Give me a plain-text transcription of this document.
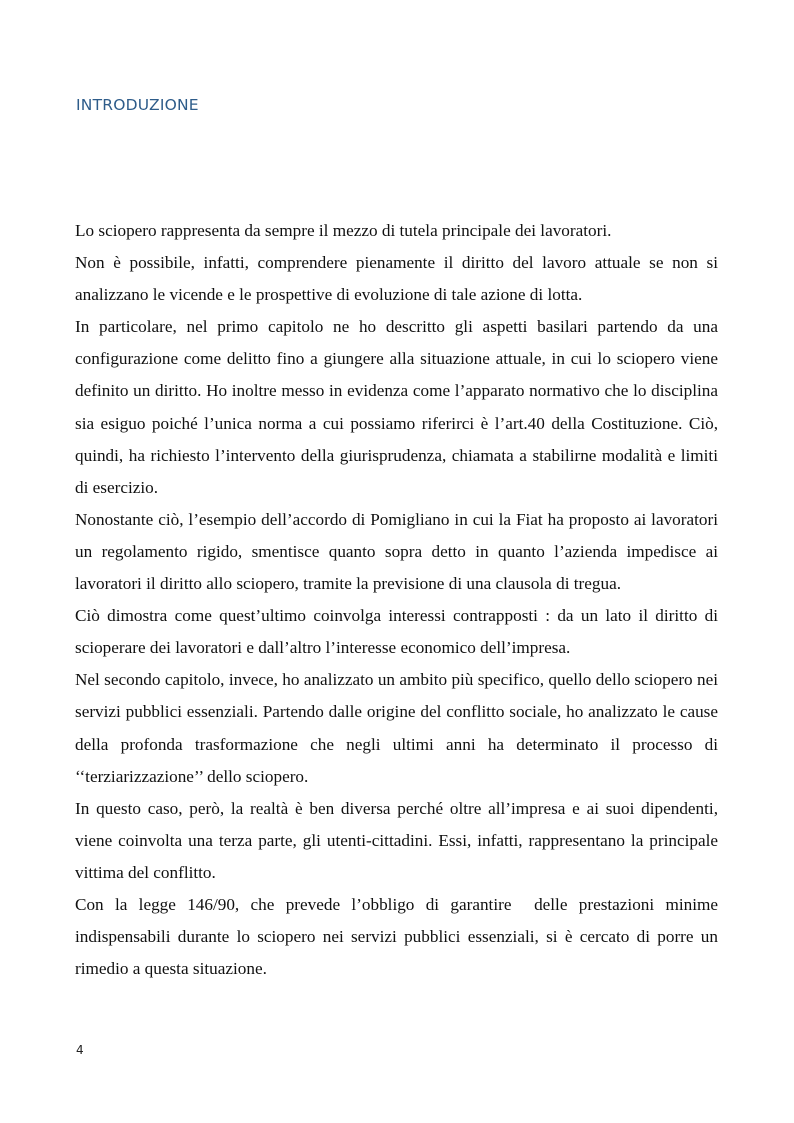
INTRODUZIONE

Lo sciopero rappresenta da sempre il mezzo di tutela principale dei lavoratori.

Non è possibile, infatti, comprendere pienamente il diritto del lavoro attuale se non si analizzano le vicende e le prospettive di evoluzione di tale azione di lotta.

In particolare, nel primo capitolo ne ho descritto gli aspetti basilari partendo da una configurazione come delitto fino a giungere alla situazione attuale, in cui lo sciopero viene definito un diritto. Ho inoltre messo in evidenza come l’apparato normativo che lo disciplina sia esiguo poiché l’unica norma a cui possiamo riferirci è l’art.40 della Costituzione. Ciò, quindi, ha richiesto l’intervento della giurisprudenza, chiamata a stabilirne modalità e limiti di esercizio.

Nonostante ciò, l’esempio dell’accordo di Pomigliano in cui la Fiat ha proposto ai lavoratori un regolamento rigido, smentisce quanto sopra detto in quanto l’azienda impedisce ai lavoratori il diritto allo sciopero, tramite la previsione di una clausola di tregua.

Ciò dimostra come quest’ultimo coinvolga interessi contrapposti : da un lato il diritto di scioperare dei lavoratori e dall’altro l’interesse economico dell’impresa.

Nel secondo capitolo, invece, ho analizzato un ambito più specifico, quello dello sciopero nei servizi pubblici essenziali. Partendo dalle origine del conflitto sociale, ho analizzato le cause della profonda trasformazione che negli ultimi anni ha determinato il processo di      ‘‘terziarizzazione’’ dello sciopero.

In questo caso, però, la realtà è ben diversa perché oltre all’impresa e ai suoi dipendenti, viene coinvolta una terza parte, gli utenti-cittadini. Essi, infatti, rappresentano la principale vittima del conflitto.

Con la legge 146/90, che prevede l’obbligo di garantire  delle prestazioni minime indispensabili durante lo sciopero nei servizi pubblici essenziali, si è cercato di porre un rimedio a questa situazione.

4
